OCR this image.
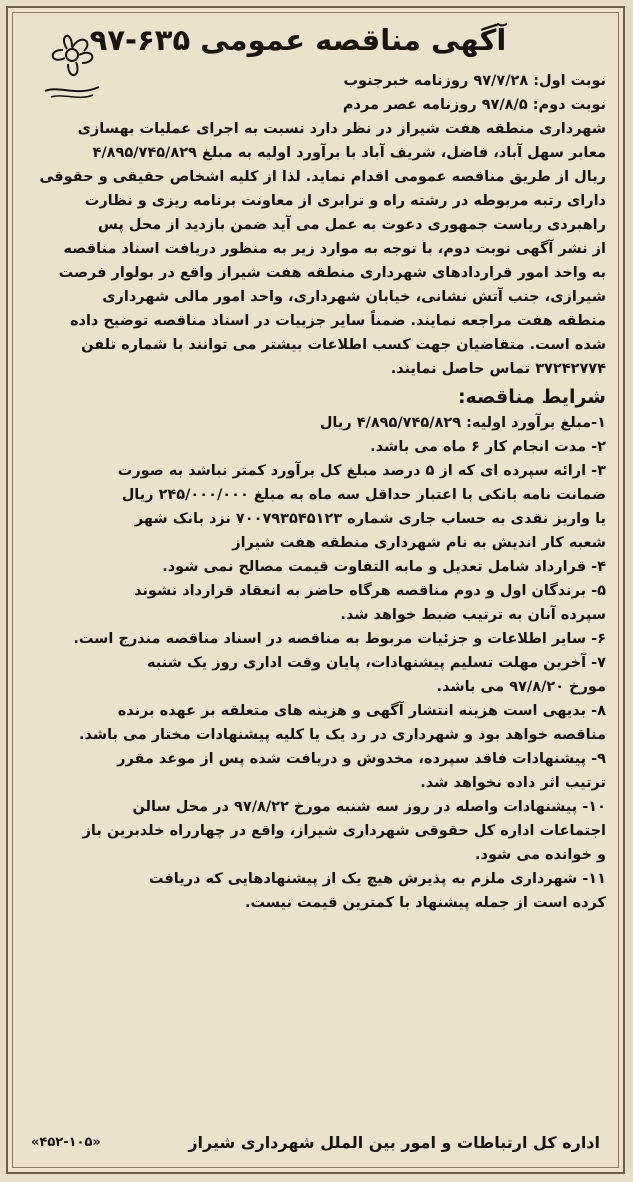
آگهی مناقصه عمومی ۶۳۵-۹۷
نوبت اول: ۹۷/۷/۲۸ روزنامه خبرجنوب
نوبت دوم: ۹۷/۸/۵ روزنامه عصر مردم
شهرداری منطقه هفت شیراز در نظر دارد نسبت به اجرای عملیات بهسازی
معابر سهل آباد، فاضل، شریف آباد با برآورد اولیه به مبلغ ۴/۸۹۵/۷۴۵/۸۲۹
ریال از طریق مناقصه عمومی اقدام نماید. لذا از کلیه اشخاص حقیقی و حقوقی
دارای رتبه مربوطه در رشته راه و ترابری از معاونت برنامه ریزی و نظارت
راهبردی ریاست جمهوری دعوت به عمل می آید ضمن بازدید از محل پس
از نشر آگهی نوبت دوم، با توجه به موارد زیر به منظور دریافت اسناد مناقصه
به واحد امور قراردادهای شهرداری منطقه هفت شیراز واقع در بولوار فرصت
شیرازی، جنب آتش نشانی، خیابان شهرداری، واحد امور مالی شهرداری
منطقه هفت مراجعه نمایند. ضمناً سایر جزییات در اسناد مناقصه توضیح داده
شده است. متقاضیان جهت کسب اطلاعات بیشتر می توانند با شماره تلفن
۳۷۲۴۲۷۷۴ تماس حاصل نمایند.
شرایط مناقصه:
۱-مبلغ برآورد اولیه: ۴/۸۹۵/۷۴۵/۸۲۹ ریال
۲- مدت انجام کار ۶ ماه می باشد.
۳- ارائه سپرده ای که از ۵ درصد مبلغ کل برآورد کمتر نباشد به صورت
ضمانت نامه بانکی با اعتبار حداقل سه ماه به مبلغ ۲۴۵/۰۰۰/۰۰۰ ریال
یا واریز نقدی به حساب جاری شماره ۷۰۰۷۹۳۵۴۵۱۲۳ نزد بانک شهر
شعبه کار اندیش به نام شهرداری منطقه هفت شیراز
۴- قرارداد شامل تعدیل و مابه التفاوت قیمت مصالح نمی شود.
۵- برندگان اول و دوم مناقصه هرگاه حاضر به انعقاد قرارداد نشوند
سپرده آنان به ترتیب ضبط خواهد شد.
۶- سایر اطلاعات و جزئیات مربوط به مناقصه در اسناد مناقصه مندرج است.
۷- آخرین مهلت تسلیم پیشنهادات، پایان وقت اداری روز یک شنبه
مورخ ۹۷/۸/۲۰ می باشد.
۸- بدیهی است هزینه انتشار آگهی و هزینه های متعلقه بر عهده برنده
مناقصه خواهد بود و شهرداری در رد یک یا کلیه پیشنهادات مختار می باشد.
۹- پیشنهادات فاقد سپرده، مخدوش و دریافت شده پس از موعد مقرر
ترتیب اثر داده نخواهد شد.
۱۰- پیشنهادات واصله در روز سه شنبه مورخ ۹۷/۸/۲۲ در محل سالن
اجتماعات اداره کل حقوقی شهرداری شیراز، واقع در چهارراه خلدبرین باز
و خوانده می شود.
۱۱- شهرداری ملزم به پذیرش هیچ یک از پیشنهادهایی که دریافت
کرده است از جمله پیشنهاد با کمترین قیمت نیست.
اداره کل ارتباطات و امور بین الملل شهرداری شیراز
«۴۵۲-۱۰۵»
